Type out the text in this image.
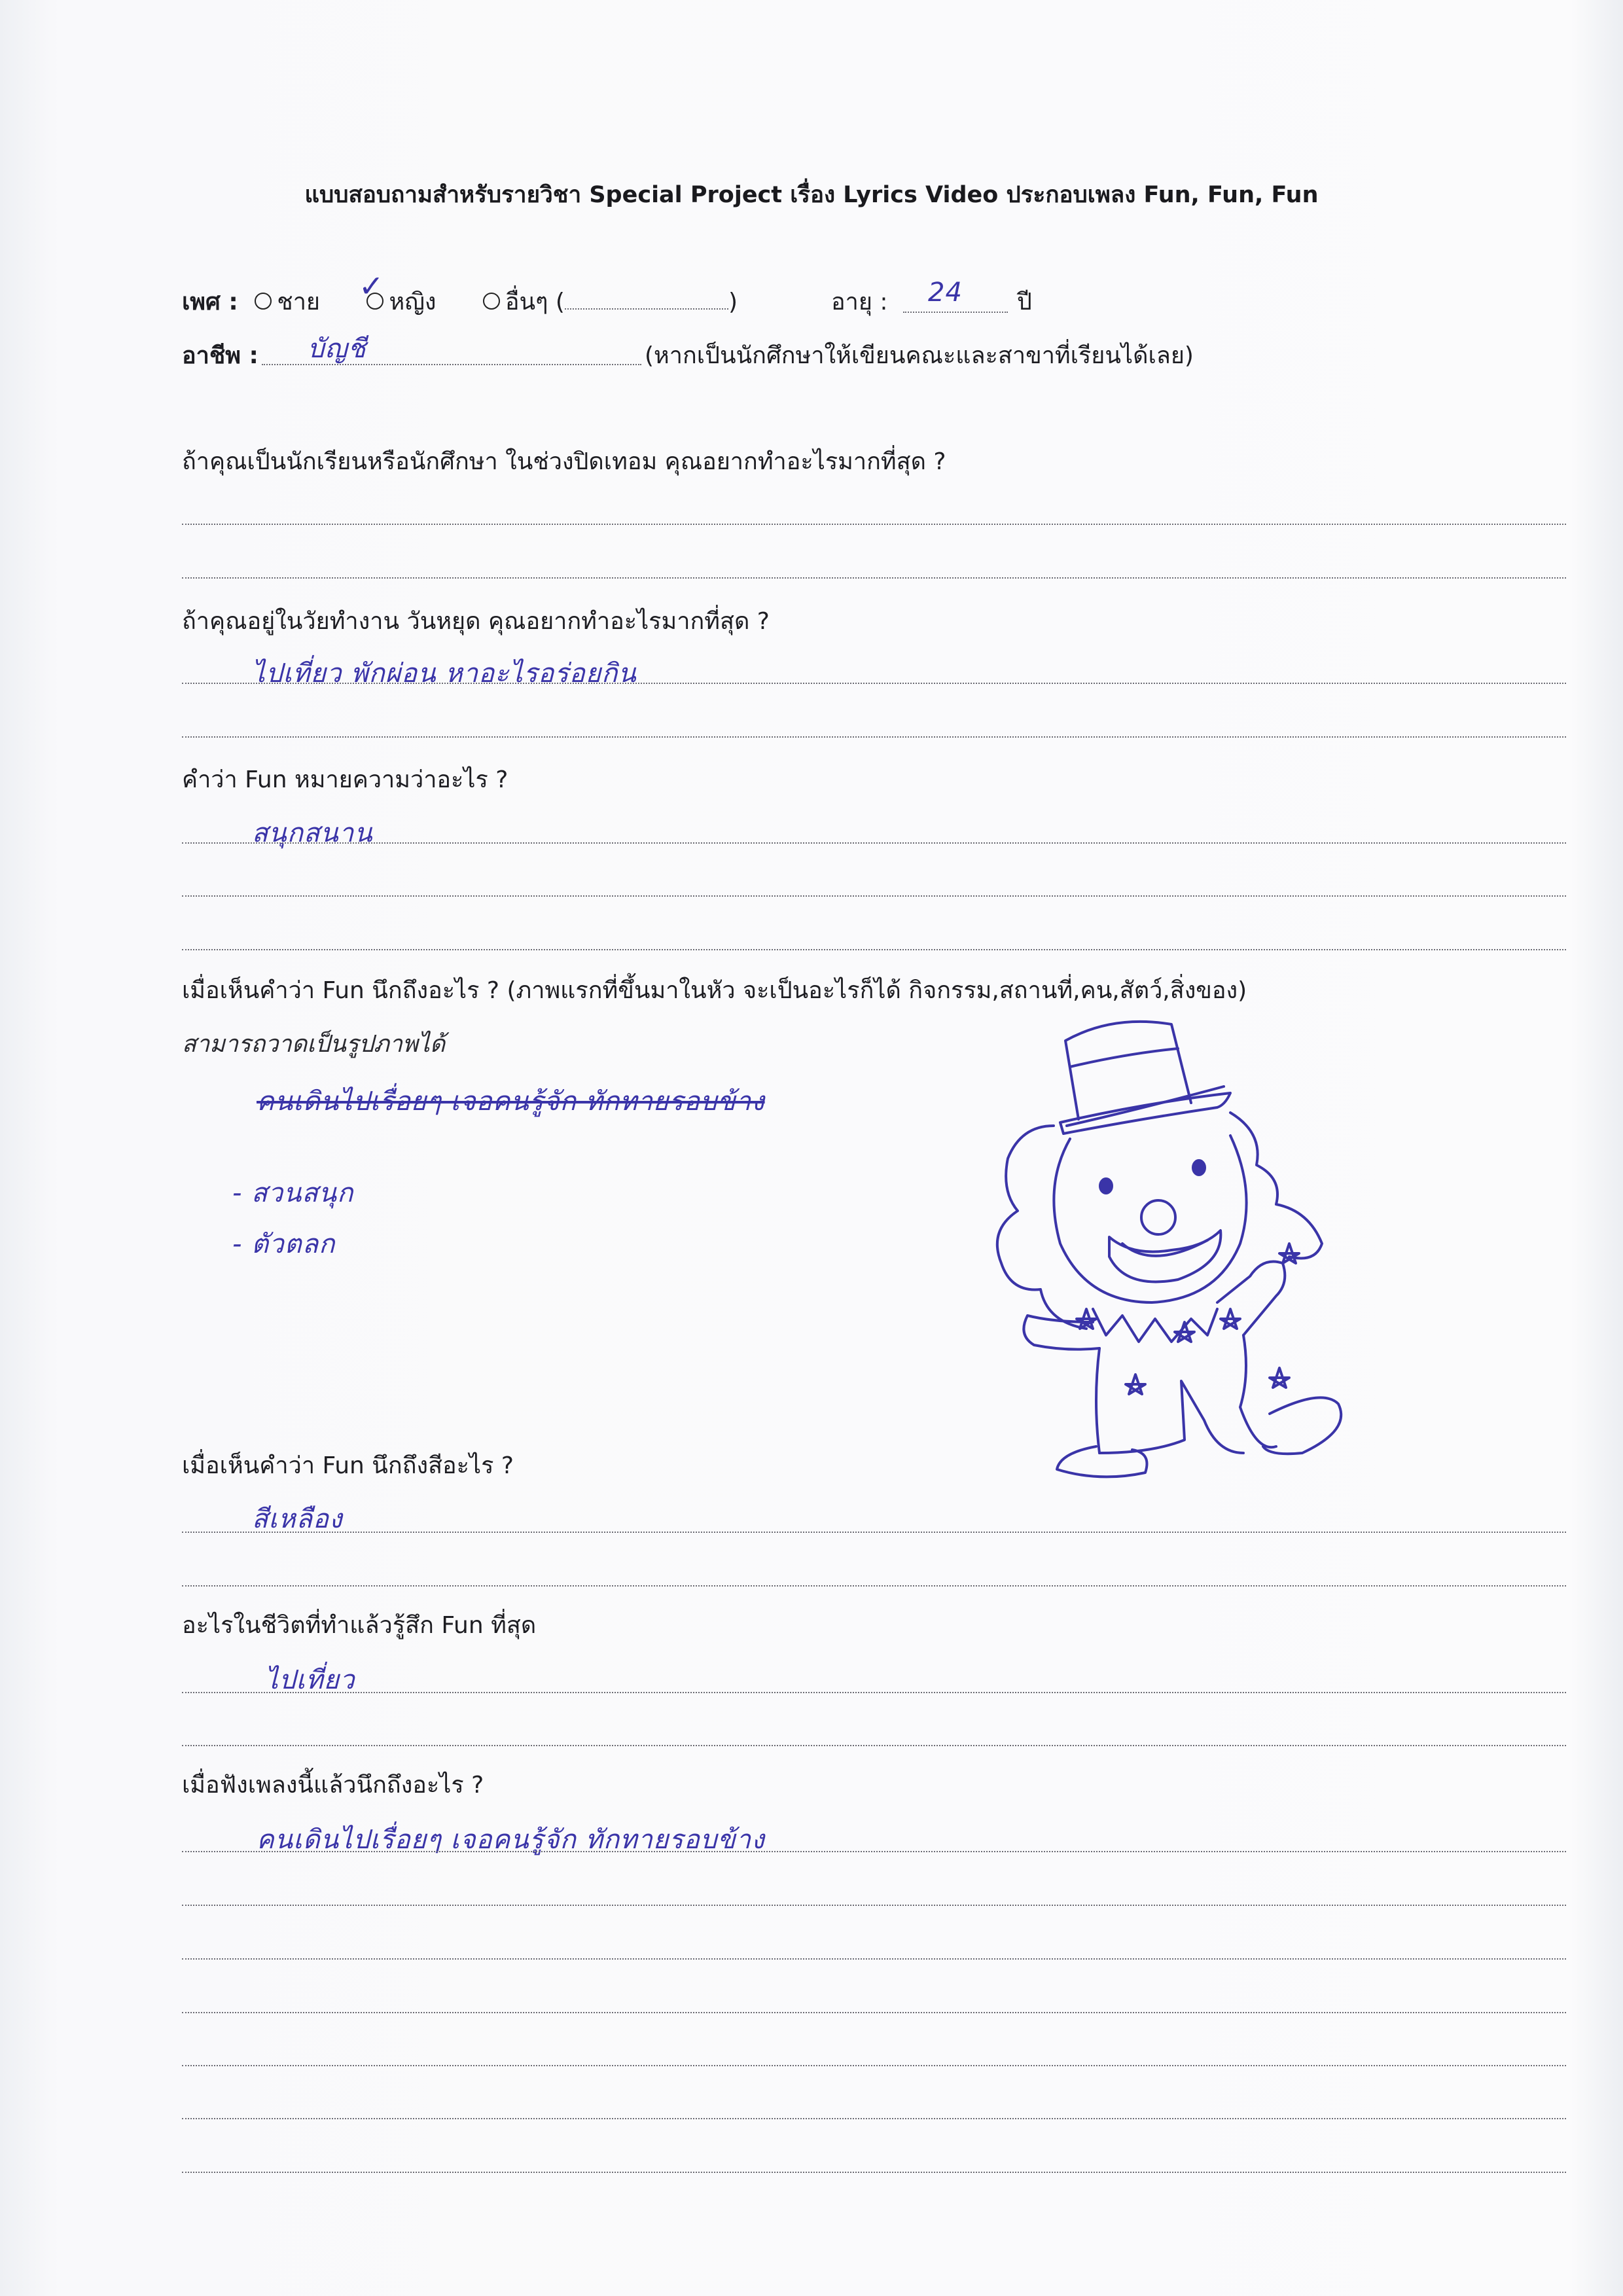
แบบสอบถามสำหรับรายวิชา Special Project เรื่อง Lyrics Video ประกอบเพลง Fun, Fun, Fun
เพศ : ชาย	หญิง	อื่นๆ (	)
✓	อายุ : 24 ปี
อาชีพ : บัญชี	(หากเป็นนักศึกษาให้เขียนคณะและสาขาที่เรียนได้เลย)
ถ้าคุณเป็นนักเรียนหรือนักศึกษา ในช่วงปิดเทอม คุณอยากทำอะไรมากที่สุด ?
ถ้าคุณอยู่ในวัยทำงาน วันหยุด คุณอยากทำอะไรมากที่สุด ?
ไปเที่ยว พักผ่อน หาอะไรอร่อยกิน
คำว่า Fun หมายความว่าอะไร ?
สนุกสนาน
เมื่อเห็นคำว่า Fun นึกถึงอะไร ? (ภาพแรกที่ขึ้นมาในหัว จะเป็นอะไรก็ได้ กิจกรรม,สถานที่,คน,สัตว์,สิ่งของ)
สามารถวาดเป็นรูปภาพได้
คนเดินไปเรื่อยๆ เจอคนรู้จัก ทักทายรอบข้าง
- สวนสนุก
- ตัวตลก
เมื่อเห็นคำว่า Fun นึกถึงสีอะไร ?
สีเหลือง
อะไรในชีวิตที่ทำแล้วรู้สึก Fun ที่สุด
ไปเที่ยว
เมื่อฟังเพลงนี้แล้วนึกถึงอะไร ?
คนเดินไปเรื่อยๆ เจอคนรู้จัก ทักทายรอบข้าง
